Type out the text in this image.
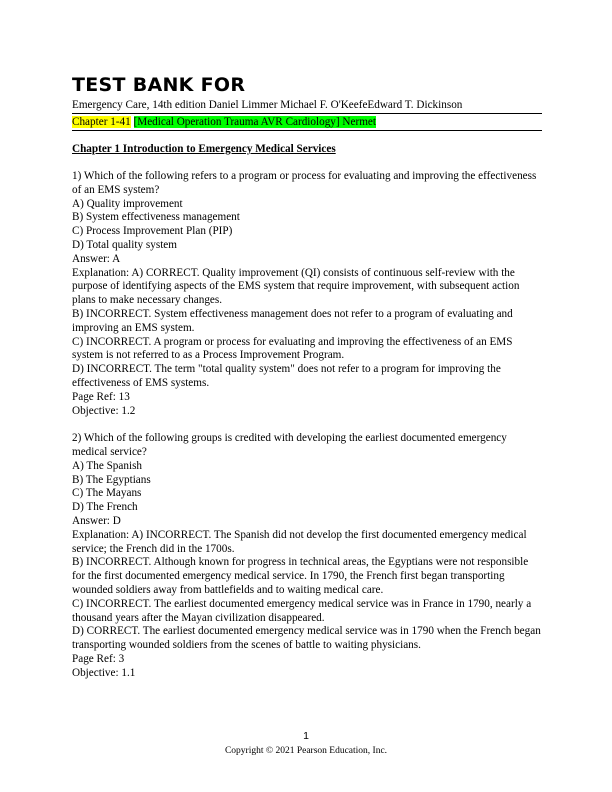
TEST BANK FOR
Emergency Care, 14th edition Daniel Limmer Michael F. O'KeefeEdward T. Dickinson
Chapter 1-41 [Medical Operation Trauma AVR Cardiology] Nermet
Chapter 1 Introduction to Emergency Medical Services

1) Which of the following refers to a program or process for evaluating and improving the effectiveness of an EMS system?

A) Quality improvement

B) System effectiveness management

C) Process Improvement Plan (PIP)

D) Total quality system

Answer: A

Explanation: A) CORRECT. Quality improvement (QI) consists of continuous self-review with the purpose of identifying aspects of the EMS system that require improvement, with subsequent action plans to make necessary changes.

B) INCORRECT. System effectiveness management does not refer to a program of evaluating and improving an EMS system.

C) INCORRECT. A program or process for evaluating and improving the effectiveness of an EMS system is not referred to as a Process Improvement Program.

D) INCORRECT. The term "total quality system" does not refer to a program for improving the effectiveness of EMS systems.

Page Ref: 13

Objective: 1.2

2) Which of the following groups is credited with developing the earliest documented emergency medical service?

A) The Spanish

B) The Egyptians

C) The Mayans

D) The French

Answer: D

Explanation: A) INCORRECT. The Spanish did not develop the first documented emergency medical service; the French did in the 1700s.

B) INCORRECT. Although known for progress in technical areas, the Egyptians were not responsible for the first documented emergency medical service. In 1790, the French first began transporting wounded soldiers away from battlefields and to waiting medical care.

C) INCORRECT. The earliest documented emergency medical service was in France in 1790, nearly a thousand years after the Mayan civilization disappeared.

D) CORRECT. The earliest documented emergency medical service was in 1790 when the French began transporting wounded soldiers from the scenes of battle to waiting physicians.

Page Ref: 3

Objective: 1.1

1
Copyright © 2021 Pearson Education, Inc.
